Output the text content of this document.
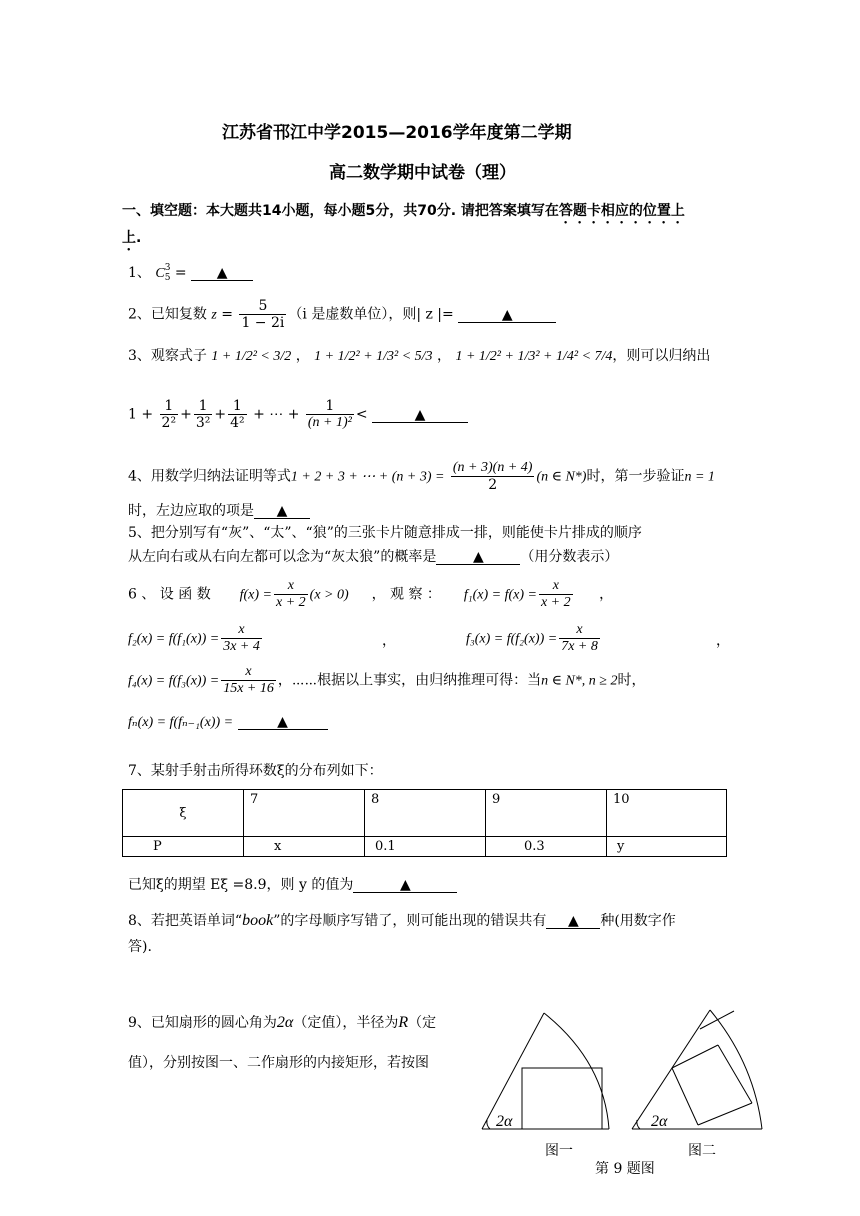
江苏省邗江中学2015—2016学年度第二学期
高二数学期中试卷（理）
一、填空题：本大题共14小题，每小题5分，共70分. 请把答案填写在答题卡相应的位置上
上.
1、 C 3
5 = ▲
2、已知复数 $z = \frac{5}{1 - 2i} (i$ 是虚数单位），则| z |=	▲
3、观察式子 1 + 1/2² < 3/2 ， 1 + 1/2² + 1/3² < 5/3 ， 1 + 1/2² + 1/3² + 1/4² < 7/4，则可以归纳出
$1 + \frac{1}{\text{2²}} + \frac{1}{\text{3²}} + \frac{1}{\text{4²}}$ + ⋯ + $\frac{1}{\text{(n + 1)²}}$ <	▲
4、用数学归纳法证明等式1 + 2 + 3 + ⋯ + $(n + 3) = \frac{(n + 3)(n + 4)}{2} (n$ ∈ N*)时，第一步验证n = 1
时，左边应取的项是 ▲
5、把分别写有“灰”、“太”、“狼”的三张卡片随意排成一排，则能使卡片排成的顺序
从左向右或从右向左都可以念为“灰太狼”的概率是	▲	（用分数表示）
6 、 设 函 数 $f(x) = \frac{x}{x + 2} (x > 0)$ ， 观 察 ： $f_1(x) = f(x) = \frac{x}{x + 2}$ ，
$f_2(x) = f(f_1(x)) = \frac{x}{3x + 4}$	，	$f_3(x) = f(f_2(x)) = \frac{x}{7x + 8}$	，
$f_4(x) = f(f_3(x)) = \frac{x}{15x + 16}$ ，⋯⋯根据以上事实，由归纳推理可得：当n ∈ N*, n ≥ 2时，
fₙ(x) = f(fₙ₋₁(x)) =	▲
7、某射手射击所得环数ξ的分布列如下：
ξ	7	8	9	10
P	x	0.1	0.3	y
已知ξ的期望 Eξ =8.9，则 y 的值为	▲
8、若把英语单词“book”的字母顺序写错了，则可能出现的错误共有 ▲ 种(用数字作
答).
9、已知扇形的圆心角为2α（定值），半径为R（定
值），分别按图一、二作扇形的内接矩形，若按图
2α	2α
图一	图二
第 9 题图
